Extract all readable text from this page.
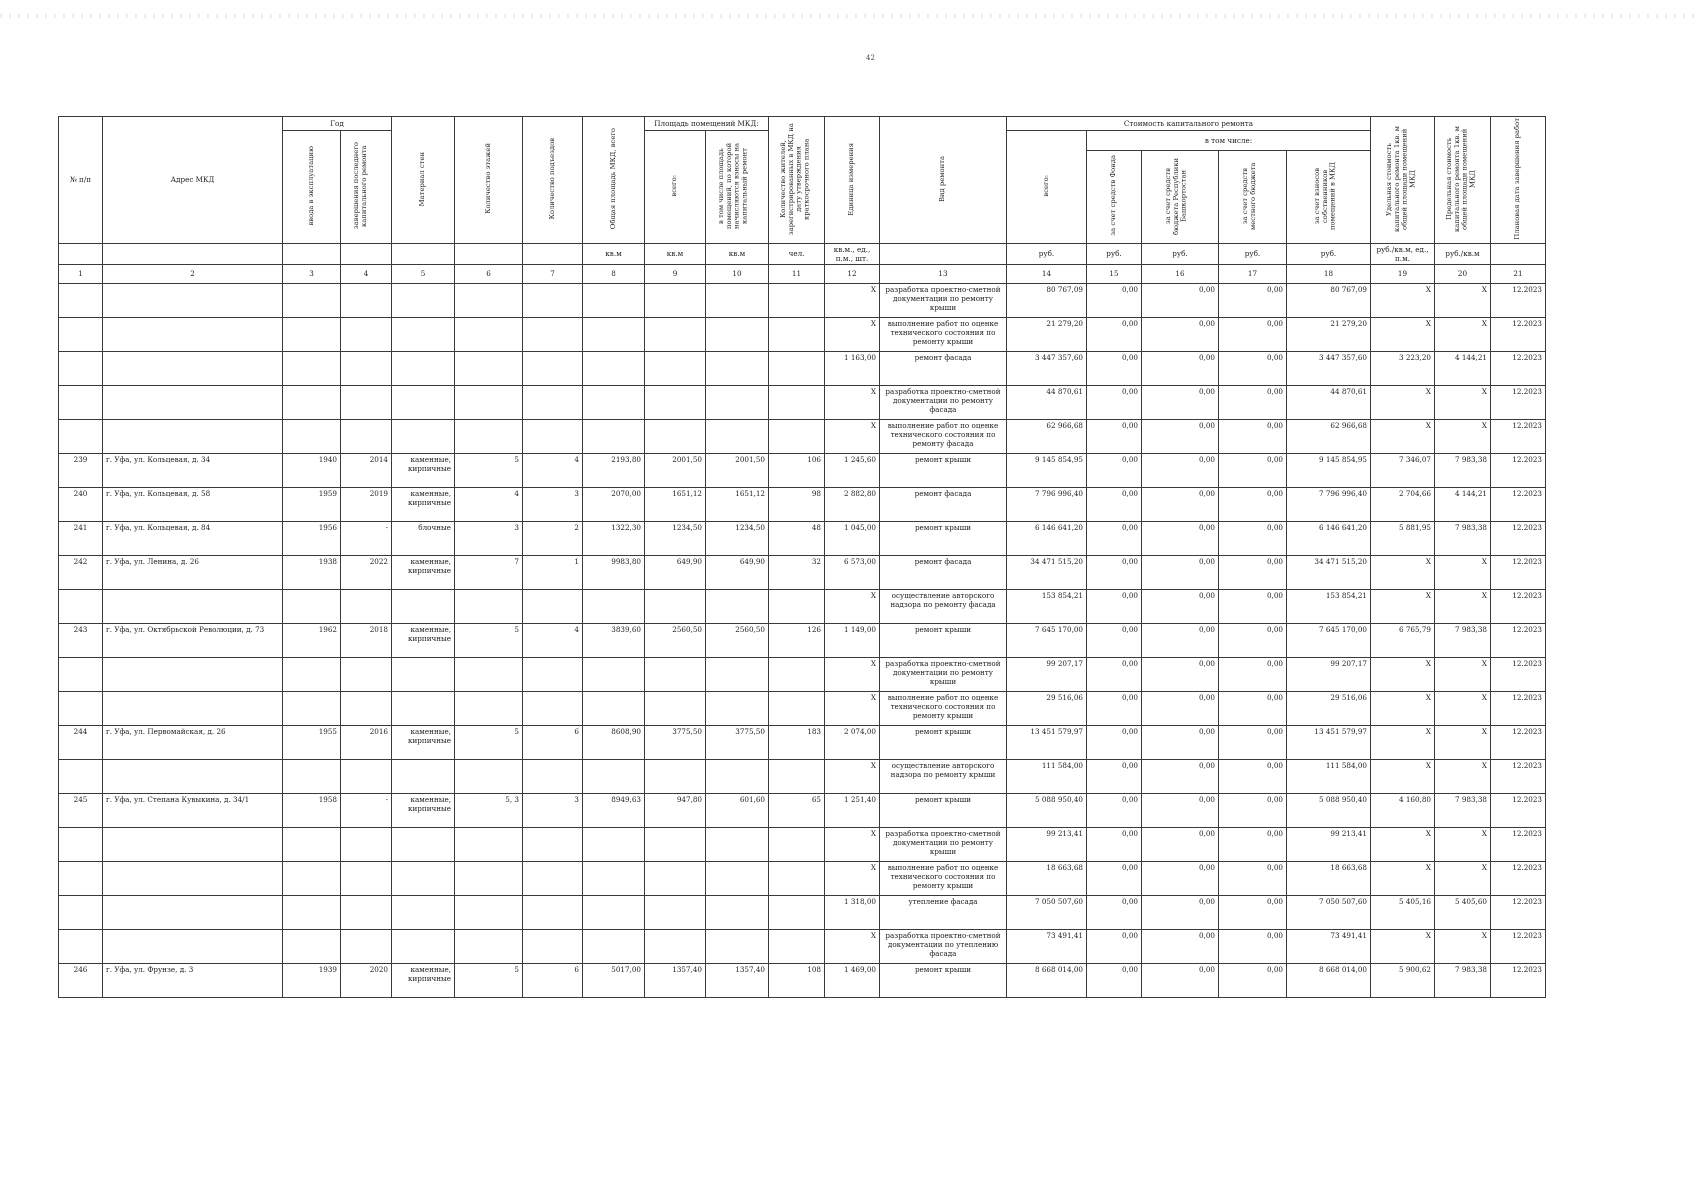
42
№ п/п	Адрес МКД	Год		Материал стен	Количество этажей	Количество подъездов	Общая площадь МКД, всего	Площадь помещений МКД:		Количество жителей, зарегистрированных в МКД на дату утверждения краткосрочного плана	Единица измерения	Вид ремонта	Стоимость капитального ремонта					Удельная стоимость капитального ремонта 1кв. м общей площади помещений МКД	Предельная стоимость капитального ремонта 1кв. м общей площади помещений МКД	Плановая дата завершения работ
		ввода в эксплуатацию	завершения последнего капитального ремонта					всего:	в том числе площадь помещений, по которой начисляются взносы на капитальный ремонт				всего:	в том числе:						
														за счет средств Фонда	за счет средств бюджета Республики Башкортостан	за счет средств местного бюджета	за счет взносов собственников помещений в МКД			
							кв.м	кв.м	кв.м	чел.	кв.м., ед., п.м., шт.		руб.	руб.	руб.	руб.	руб.	руб./кв.м, ед., п.м.	руб./кв.м	
1	2	3	4	5	6	7	8	9	10	11	12	13	14	15	16	17	18	19	20	21
											X	разработка проектно-сметной документации по ремонту крыши	80 767,09	0,00	0,00	0,00	80 767,09	X	X	12.2023
											X	выполнение работ по оценке технического состояния по ремонту крыши	21 279,20	0,00	0,00	0,00	21 279,20	X	X	12.2023
											1 163,00	ремонт фасада	3 447 357,60	0,00	0,00	0,00	3 447 357,60	3 223,20	4 144,21	12.2023
											X	разработка проектно-сметной документации по ремонту фасада	44 870,61	0,00	0,00	0,00	44 870,61	X	X	12.2023
											X	выполнение работ по оценке технического состояния по ремонту фасада	62 966,68	0,00	0,00	0,00	62 966,68	X	X	12.2023
239	г. Уфа, ул. Кольцевая, д. 34	1940	2014	каменные, кирпичные	5	4	2193,80	2001,50	2001,50	106	1 245,60	ремонт крыши	9 145 854,95	0,00	0,00	0,00	9 145 854,95	7 346,07	7 983,38	12.2023
240	г. Уфа, ул. Кольцевая, д. 58	1959	2019	каменные, кирпичные	4	3	2070,00	1651,12	1651,12	98	2 882,80	ремонт фасада	7 796 996,40	0,00	0,00	0,00	7 796 996,40	2 704,66	4 144,21	12.2023
241	г. Уфа, ул. Кольцевая, д. 84	1956	-	блочные	3	2	1322,30	1234,50	1234,50	48	1 045,00	ремонт крыши	6 146 641,20	0,00	0,00	0,00	6 146 641,20	5 881,95	7 983,38	12.2023
242	г. Уфа, ул. Ленина, д. 26	1938	2022	каменные, кирпичные	7	1	9983,80	649,90	649,90	32	6 573,00	ремонт фасада	34 471 515,20	0,00	0,00	0,00	34 471 515,20	X	X	12.2023
											X	осуществление авторского надзора по ремонту фасада	153 854,21	0,00	0,00	0,00	153 854,21	X	X	12.2023
243	г. Уфа, ул. Октябрьской Революции, д. 73	1962	2018	каменные, кирпичные	5	4	3839,60	2560,50	2560,50	126	1 149,00	ремонт крыши	7 645 170,00	0,00	0,00	0,00	7 645 170,00	6 765,79	7 983,38	12.2023
											X	разработка проектно-сметной документации по ремонту крыши	99 207,17	0,00	0,00	0,00	99 207,17	X	X	12.2023
											X	выполнение работ по оценке технического состояния по ремонту крыши	29 516,06	0,00	0,00	0,00	29 516,06	X	X	12.2023
244	г. Уфа, ул. Первомайская, д. 26	1955	2016	каменные, кирпичные	5	6	8608,90	3775,50	3775,50	183	2 074,00	ремонт крыши	13 451 579,97	0,00	0,00	0,00	13 451 579,97	X	X	12.2023
											X	осуществление авторского надзора по ремонту крыши	111 584,00	0,00	0,00	0,00	111 584,00	X	X	12.2023
245	г. Уфа, ул. Степана Кувыкина, д. 34/1	1958	-	каменные, кирпичные	5, 3	3	8949,63	947,80	601,60	65	1 251,40	ремонт крыши	5 088 950,40	0,00	0,00	0,00	5 088 950,40	4 160,80	7 983,38	12.2023
											X	разработка проектно-сметной документации по ремонту крыши	99 213,41	0,00	0,00	0,00	99 213,41	X	X	12.2023
											X	выполнение работ по оценке технического состояния по ремонту крыши	18 663,68	0,00	0,00	0,00	18 663,68	X	X	12.2023
											1 318,00	утепление фасада	7 050 507,60	0,00	0,00	0,00	7 050 507,60	5 405,16	5 405,60	12.2023
											X	разработка проектно-сметной документации по утеплению фасада	73 491,41	0,00	0,00	0,00	73 491,41	X	X	12.2023
246	г. Уфа, ул. Фрунзе, д. 3	1939	2020	каменные, кирпичные	5	6	5017,00	1357,40	1357,40	108	1 469,00	ремонт крыши	8 668 014,00	0,00	0,00	0,00	8 668 014,00	5 900,62	7 983,38	12.2023
